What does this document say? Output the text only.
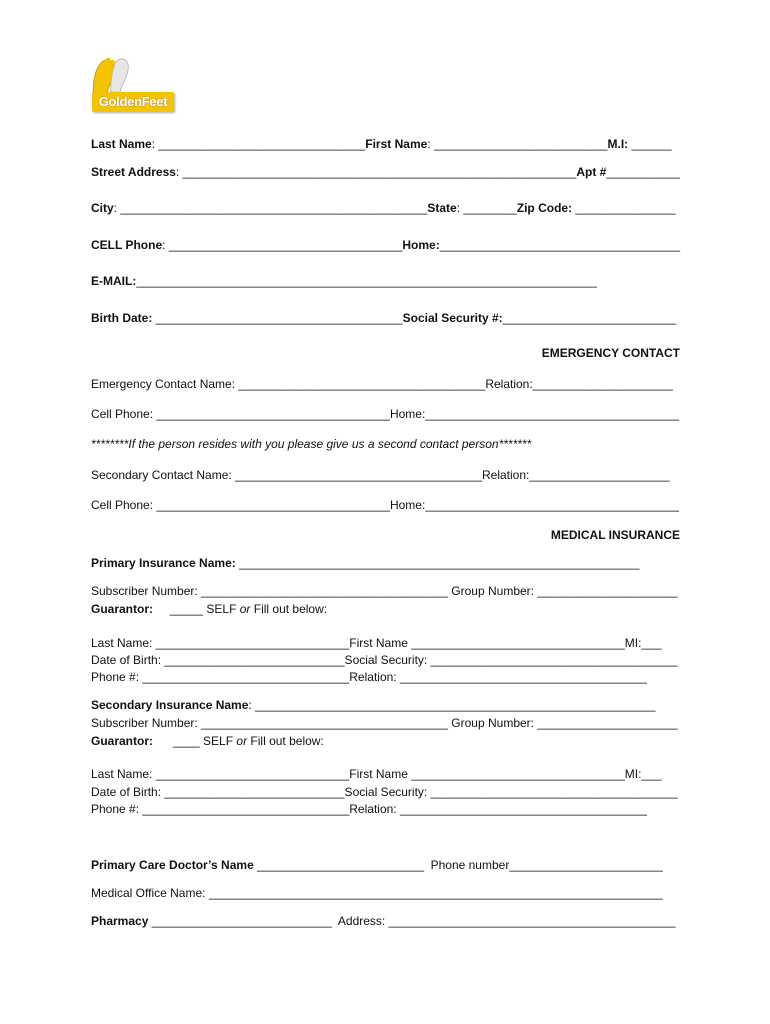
GoldenFeet
Last Name: _______________________________First Name: __________________________M.I: ______
Street Address: ___________________________________________________________Apt #___________
City: ______________________________________________State: ________Zip Code: _______________
CELL Phone: ___________________________________Home:____________________________________
E-MAIL:_____________________________________________________________________
Birth Date: _____________________________________Social Security #:__________________________
EMERGENCY CONTACT
Emergency Contact Name: _____________________________________Relation:_____________________
Cell Phone: ___________________________________Home:______________________________________
********If the person resides with you please give us a second contact person*******
Secondary Contact Name: _____________________________________Relation:_____________________
Cell Phone: ___________________________________Home:______________________________________
MEDICAL INSURANCE
Primary Insurance Name: ____________________________________________________________
Subscriber Number: _____________________________________ Group Number: _____________________
Guarantor:     _____ SELF or Fill out below:
Last Name: _____________________________First Name ________________________________MI:___
Date of Birth: ___________________________Social Security: _____________________________________
Phone #: _______________________________Relation: _____________________________________
Secondary Insurance Name: ____________________________________________________________
Subscriber Number: _____________________________________ Group Number: _____________________
Guarantor:      ____ SELF or Fill out below:
Last Name: _____________________________First Name ________________________________MI:___
Date of Birth: ___________________________Social Security: _____________________________________
Phone #: _______________________________Relation: _____________________________________
Primary Care Doctor’s Name _________________________  Phone number_______________________
Medical Office Name: ____________________________________________________________________
Pharmacy ___________________________  Address: ___________________________________________
